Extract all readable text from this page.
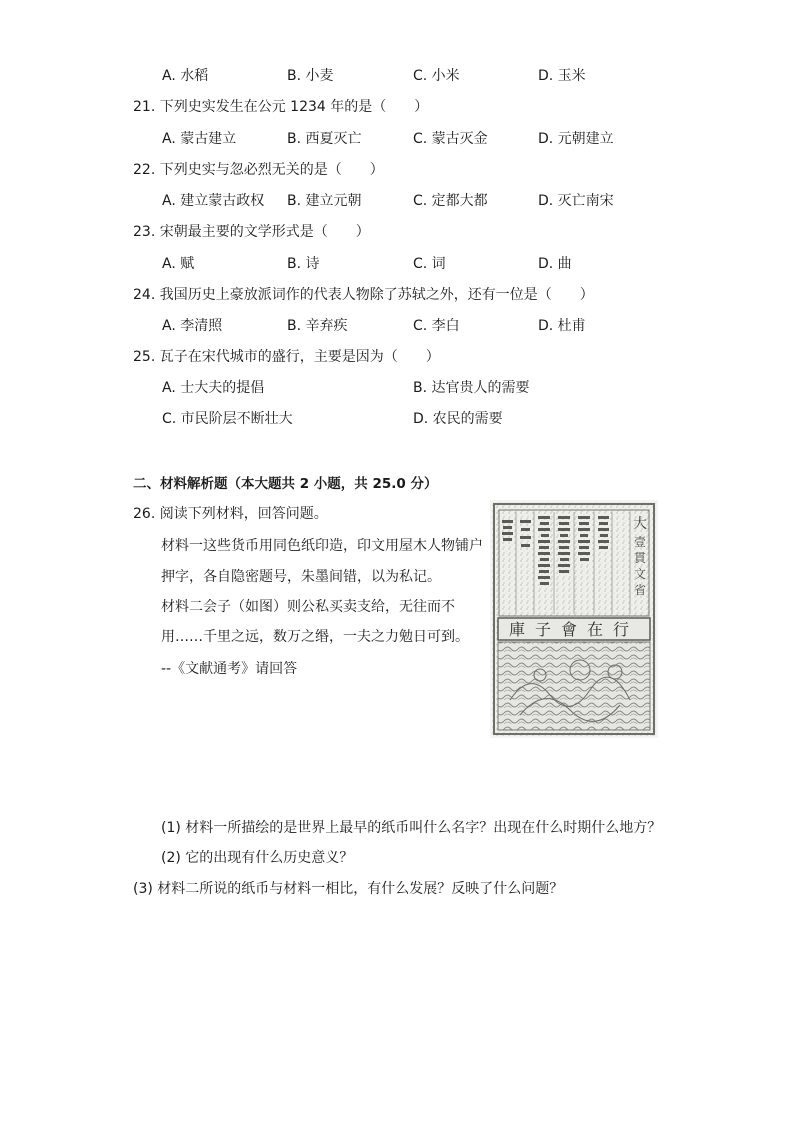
A. 水稻	B. 小麦	C. 小米	D. 玉米
21. 下列史实发生在公元 1234 年的是（　　）
A. 蒙古建立	B. 西夏灭亡	C. 蒙古灭金	D. 元朝建立
22. 下列史实与忽必烈无关的是（　　）
A. 建立蒙古政权 B. 建立元朝	C. 定都大都	D. 灭亡南宋
23. 宋朝最主要的文学形式是（　　）
A. 赋	B. 诗	C. 词	D. 曲
24. 我国历史上豪放派词作的代表人物除了苏轼之外，还有一位是（　　）
A. 李清照	B. 辛弃疾	C. 李白	D. 杜甫
25. 瓦子在宋代城市的盛行，主要是因为（　　）
A. 士大夫的提倡	B. 达官贵人的需要
C. 市民阶层不断壮大	D. 农民的需要
二、材料解析题（本大题共 2 小题，共 25.0 分）
26. 阅读下列材料，回答问题。
材料一这些货币用同色纸印造，印文用屋木人物铺户
押字，各自隐密题号，朱墨间错，以为私记。
材料二会子（如图）则公私买卖支给，无往而不
用……千里之远，数万之缗，一夫之力勉日可到。
--《文献通考》请回答
大
壹
貫
文
省
庫子會在行
(1) 材料一所描绘的是世界上最早的纸币叫什么名字？出现在什么时期什么地方？
(2) 它的出现有什么历史意义？
(3) 材料二所说的纸币与材料一相比，有什么发展？反映了什么问题？
